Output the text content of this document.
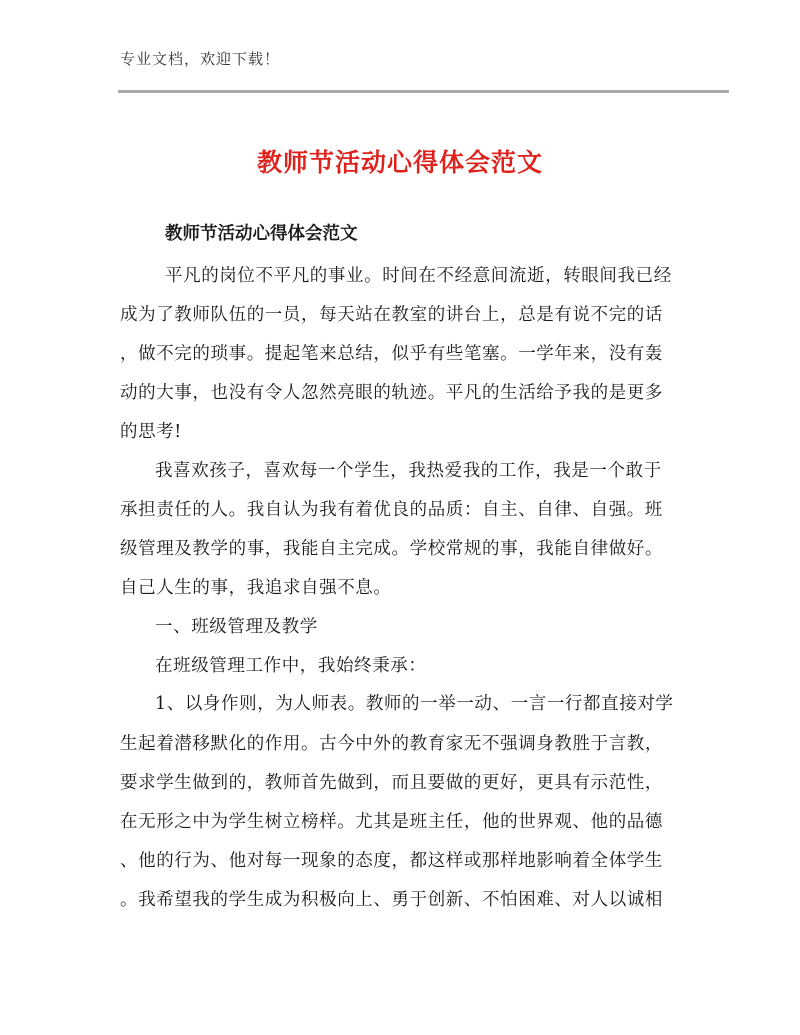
专业文档，欢迎下载！
教师节活动心得体会范文
教师节活动心得体会范文
平凡的岗位不平凡的事业。时间在不经意间流逝，转眼间我已经
成为了教师队伍的一员，每天站在教室的讲台上，总是有说不完的话
，做不完的琐事。提起笔来总结，似乎有些笔塞。一学年来，没有轰
动的大事，也没有令人忽然亮眼的轨迹。平凡的生活给予我的是更多
的思考!
我喜欢孩子，喜欢每一个学生，我热爱我的工作，我是一个敢于
承担责任的人。我自认为我有着优良的品质：自主、自律、自强。班
级管理及教学的事，我能自主完成。学校常规的事，我能自律做好。
自己人生的事，我追求自强不息。
一、班级管理及教学
在班级管理工作中，我始终秉承：
1、以身作则，为人师表。教师的一举一动、一言一行都直接对学
生起着潜移默化的作用。古今中外的教育家无不强调身教胜于言教，
要求学生做到的，教师首先做到，而且要做的更好，更具有示范性，
在无形之中为学生树立榜样。尤其是班主任，他的世界观、他的品德
、他的行为、他对每一现象的态度，都这样或那样地影响着全体学生
。我希望我的学生成为积极向上、勇于创新、不怕困难、对人以诚相
